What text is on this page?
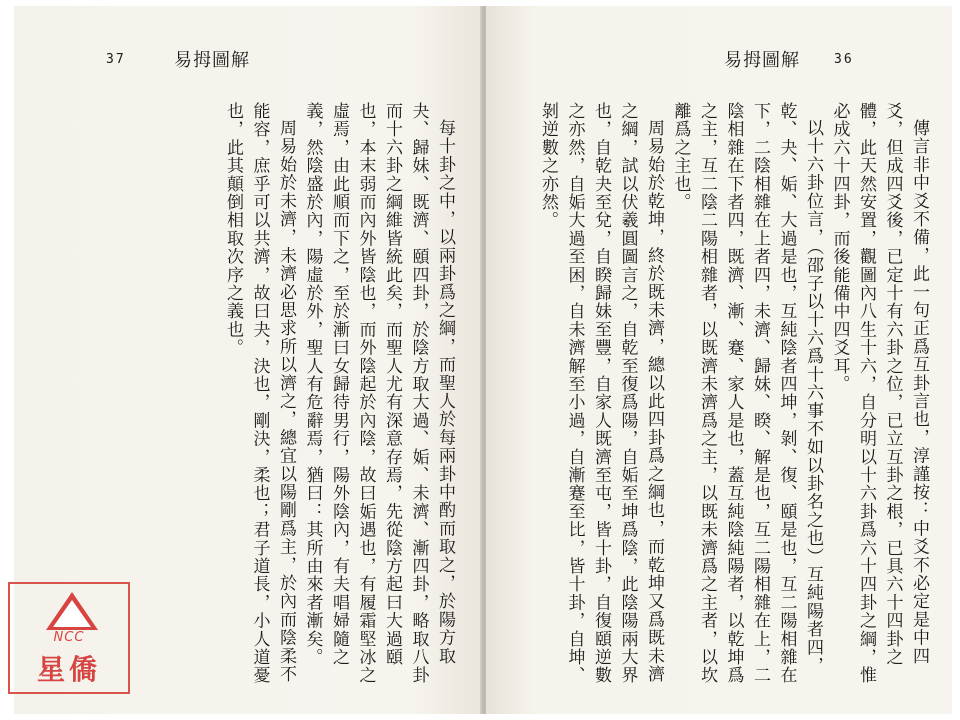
37	易拇圖解

每十卦之中，以兩卦爲之綱，而聖人於每兩卦中酌而取之，於陽方取夬、歸妹、既濟、頤四卦，於陰方取大過、姤、未濟、漸四卦，略取八卦而十六卦之綱維皆統此矣，而聖人尤有深意存焉，先從陰方起曰大過頤也，本末弱而內外皆陰也，而外陰起於內陰，故曰姤遇也，有履霜堅冰之虛焉，由此順而下之，至於漸曰女歸待男行，陽外陰內，有夫唱婦隨之義，然陰盛於內，陽虛於外，聖人有危辭焉，猶曰：其所由來者漸矣。

周易始於未濟，未濟必思求所以濟之，總宜以陽剛爲主，於內而陰柔不能容，庶乎可以共濟，故曰夬，決也，剛決，柔也；君子道長，小人道憂也，此其顛倒相取次序之義也。

易拇圖解	36

傳言非中爻不備，此一句正爲互卦言也，淳謹按：中爻不必定是中四爻，但成四爻後，已定十有六卦之位，已立互卦之根，已具六十四卦之體，此天然安置，觀圖內八生十六，自分明以十六卦爲六十四卦之綱，惟必成六十四卦，而後能備中四爻耳。

以十六卦位言，（邵子以十六爲十六事不如以卦名之也）互純陽者四，乾、夬、姤、大過是也，互純陰者四坤，剝、復、頤是也，互二陽相雜在下，二陰相雜在上者四，未濟、歸妹、睽、解是也，互二陽相雜在上，二陰相雜在下者四，既濟、漸、蹇、家人是也，蓋互純陰純陽者，以乾坤爲之主，互二陰二陽相雜者，以既濟未濟爲之主，以既未濟爲之主者，以坎離爲之主也。

周易始於乾坤，終於既未濟，總以此四卦爲之綱也，而乾坤又爲既未濟之綱，試以伏羲圓圖言之，自乾至復爲陽，自姤至坤爲陰，此陰陽兩大界也，自乾夬至兌，自睽歸妹至豐，自家人既濟至屯，皆十卦，自復頤逆數之亦然，自姤大過至困，自未濟解至小過，自漸蹇至比，皆十卦，自坤、剝逆數之亦然。

NCC
星僑
